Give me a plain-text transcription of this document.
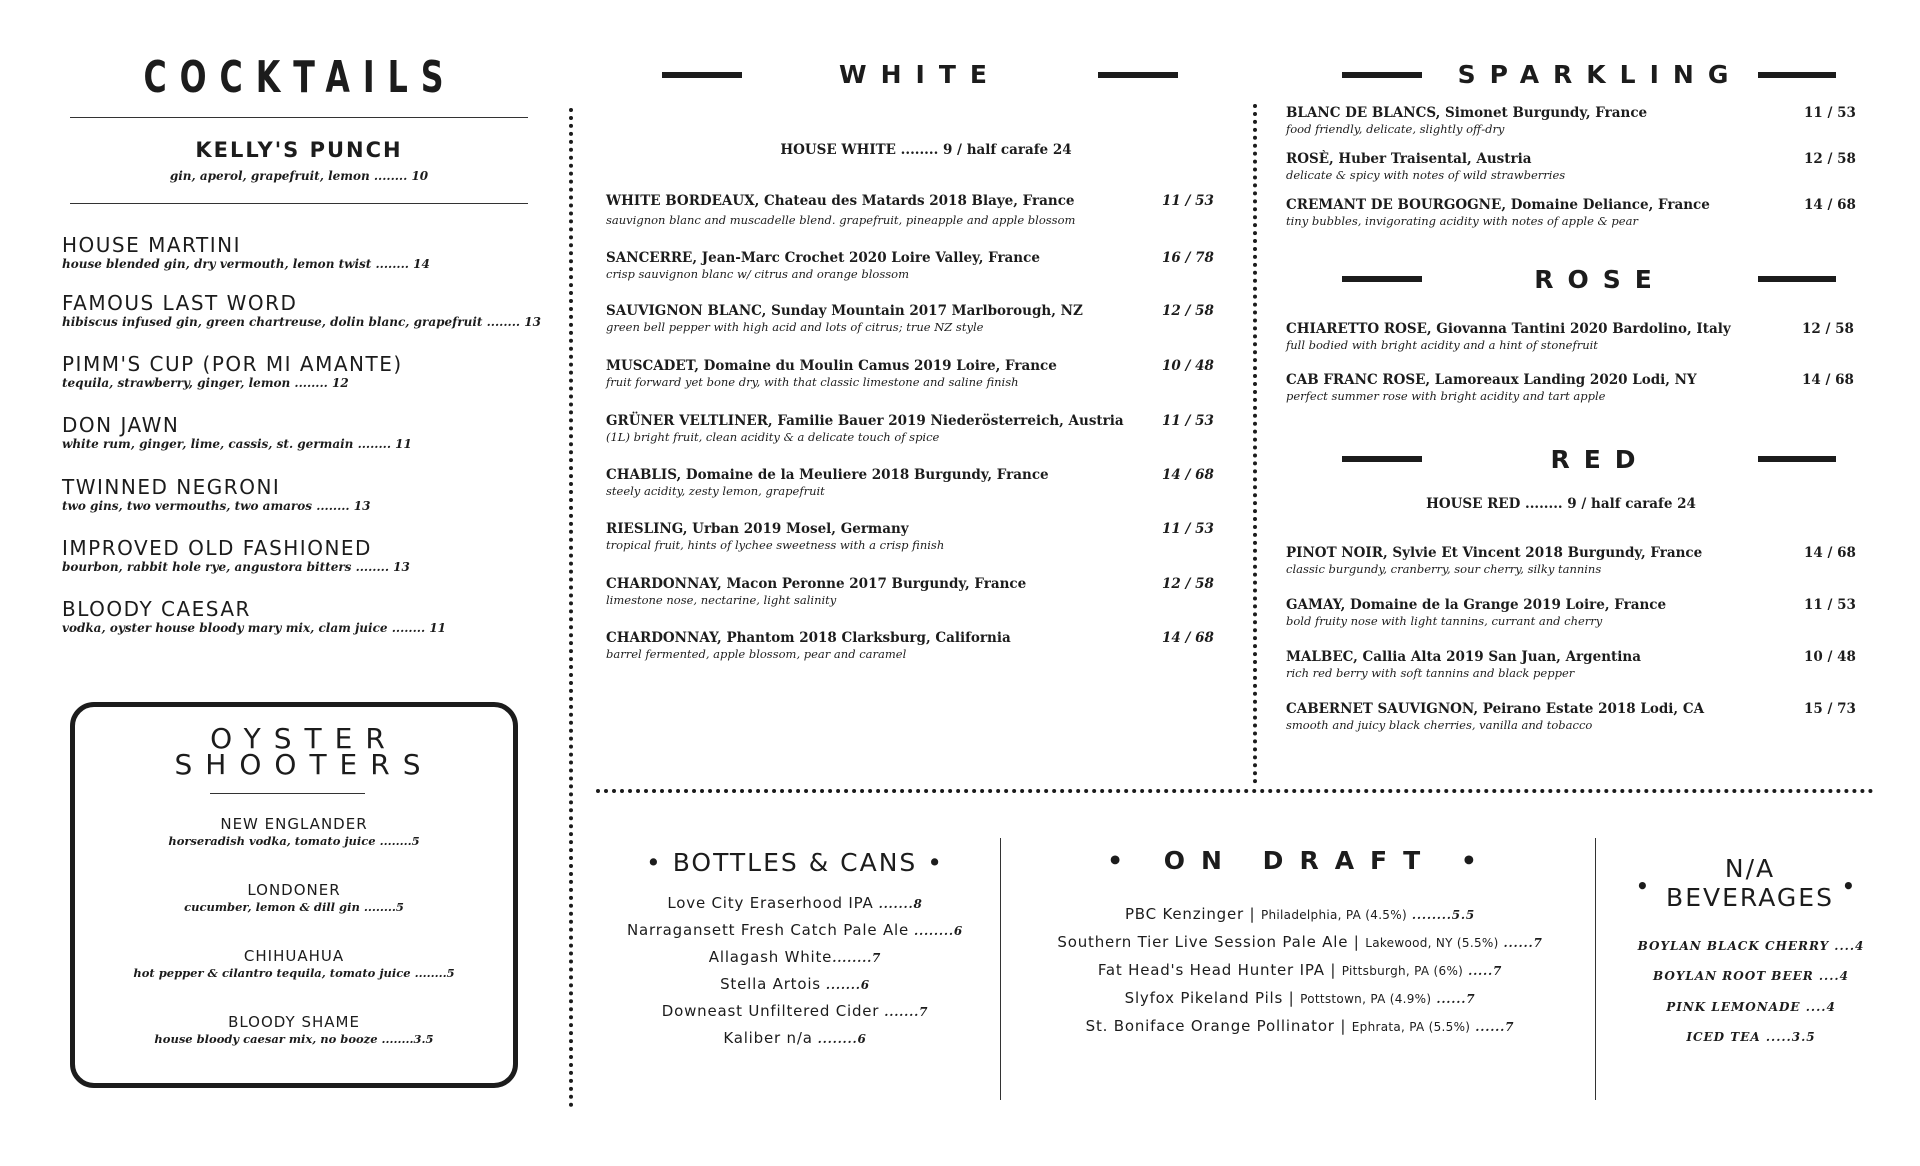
COCKTAILS
KELLY'S PUNCH
gin, aperol, grapefruit, lemon ........ 10
HOUSE MARTINI
house blended gin, dry vermouth, lemon twist ........ 14
FAMOUS LAST WORD
hibiscus infused gin, green chartreuse, dolin blanc, grapefruit ........ 13
PIMM'S CUP (POR MI AMANTE)
tequila, strawberry, ginger, lemon ........ 12
DON JAWN
white rum, ginger, lime, cassis, st. germain ........ 11
TWINNED NEGRONI
two gins, two vermouths, two amaros ........ 13
IMPROVED OLD FASHIONED
bourbon, rabbit hole rye, angustora bitters ........ 13
BLOODY CAESAR
vodka, oyster house bloody mary mix, clam juice ........ 11
OYSTER
SHOOTERS
NEW ENGLANDER
horseradish vodka, tomato juice ........5
LONDONER
cucumber, lemon & dill gin ........5
CHIHUAHUA
hot pepper & cilantro tequila, tomato juice ........5
BLOODY SHAME
house bloody caesar mix, no booze ........3.5
WHITE
HOUSE WHITE ........ 9 / half carafe 24
WHITE BORDEAUX, Chateau des Matards 2018 Blaye, France
sauvignon blanc and muscadelle blend. grapefruit, pineapple and apple blossom
11 / 53
SANCERRE, Jean-Marc Crochet 2020 Loire Valley, France
crisp sauvignon blanc w/ citrus and orange blossom
16 / 78
SAUVIGNON BLANC, Sunday Mountain 2017 Marlborough, NZ
green bell pepper with high acid and lots of citrus; true NZ style
12 / 58
MUSCADET, Domaine du Moulin Camus 2019 Loire, France
fruit forward yet bone dry, with that classic limestone and saline finish
10 / 48
GRÜNER VELTLINER, Familie Bauer 2019 Niederösterreich, Austria
(1L) bright fruit, clean acidity & a delicate touch of spice
11 / 53
CHABLIS, Domaine de la Meuliere 2018 Burgundy, France
steely acidity, zesty lemon, grapefruit
14 / 68
RIESLING, Urban 2019 Mosel, Germany
tropical fruit, hints of lychee sweetness with a crisp finish
11 / 53
CHARDONNAY, Macon Peronne 2017 Burgundy, France
limestone nose, nectarine, light salinity
12 / 58
CHARDONNAY, Phantom 2018 Clarksburg, California
barrel fermented, apple blossom, pear and caramel
14 / 68
SPARKLING
BLANC DE BLANCS, Simonet Burgundy, France
food friendly, delicate, slightly off-dry
11 / 53
ROSÈ, Huber Traisental, Austria
delicate & spicy with notes of wild strawberries
12 / 58
CREMANT DE BOURGOGNE, Domaine Deliance, France
tiny bubbles, invigorating acidity with notes of apple & pear
14 / 68
ROSE
CHIARETTO ROSE, Giovanna Tantini 2020 Bardolino, Italy
full bodied with bright acidity and a hint of stonefruit
12 / 58
CAB FRANC ROSE, Lamoreaux Landing 2020 Lodi, NY
perfect summer rose with bright acidity and tart apple
14 / 68
RED
HOUSE RED ........ 9 / half carafe 24
PINOT NOIR, Sylvie Et Vincent 2018 Burgundy, France
classic burgundy, cranberry, sour cherry, silky tannins
14 / 68
GAMAY, Domaine de la Grange 2019 Loire, France
bold fruity nose with light tannins, currant and cherry
11 / 53
MALBEC, Callia Alta 2019 San Juan, Argentina
rich red berry with soft tannins and black pepper
10 / 48
CABERNET SAUVIGNON, Peirano Estate 2018 Lodi, CA
smooth and juicy black cherries, vanilla and tobacco
15 / 73
• BOTTLES & CANS •
Love City Eraserhood IPA .......8
Narragansett Fresh Catch Pale Ale ........6
Allagash White........7
Stella Artois .......6
Downeast Unfiltered Cider .......7
Kaliber n/a ........6
• ON DRAFT •
PBC Kenzinger | Philadelphia, PA (4.5%) ........5.5
Southern Tier Live Session Pale Ale | Lakewood, NY (5.5%) ......7
Fat Head's Head Hunter IPA | Pittsburgh, PA (6%) .....7
Slyfox Pikeland Pils | Pottstown, PA (4.9%) ......7
St. Boniface Orange Pollinator | Ephrata, PA (5.5%) ......7
•
N/A
BEVERAGES •
BOYLAN BLACK CHERRY ....4
BOYLAN ROOT BEER ....4
PINK LEMONADE ....4
ICED TEA .....3.5
